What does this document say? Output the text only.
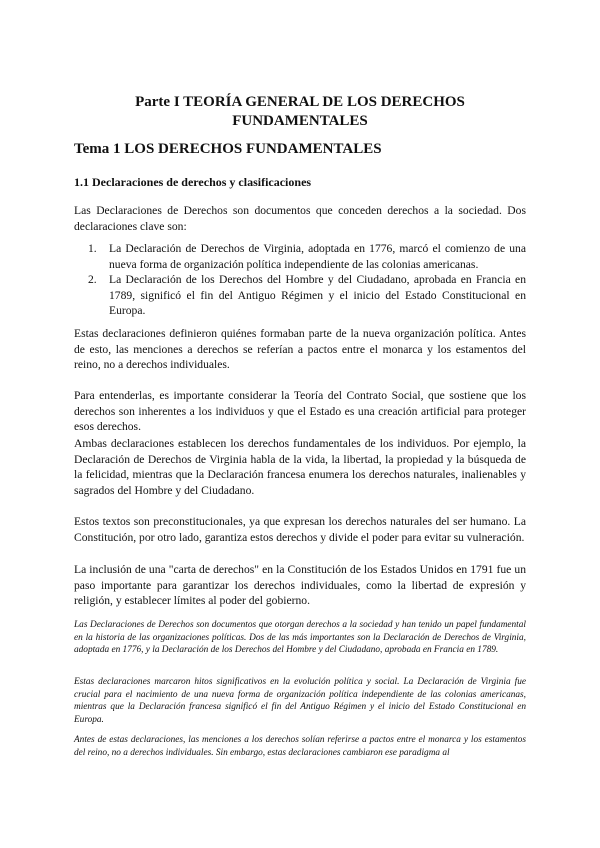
Parte I TEORÍA GENERAL DE LOS DERECHOS FUNDAMENTALES
Tema 1 LOS DERECHOS FUNDAMENTALES
1.1 Declaraciones de derechos y clasificaciones

Las Declaraciones de Derechos son documentos que conceden derechos a la sociedad. Dos declaraciones clave son:

1. La Declaración de Derechos de Virginia, adoptada en 1776, marcó el comienzo de una nueva forma de organización política independiente de las colonias americanas.
2. La Declaración de los Derechos del Hombre y del Ciudadano, aprobada en Francia en 1789, significó el fin del Antiguo Régimen y el inicio del Estado Constitucional en Europa.

Estas declaraciones definieron quiénes formaban parte de la nueva organización política. Antes de esto, las menciones a derechos se referían a pactos entre el monarca y los estamentos del reino, no a derechos individuales.

Para entenderlas, es importante considerar la Teoría del Contrato Social, que sostiene que los derechos son inherentes a los individuos y que el Estado es una creación artificial para proteger esos derechos.

Ambas declaraciones establecen los derechos fundamentales de los individuos. Por ejemplo, la Declaración de Derechos de Virginia habla de la vida, la libertad, la propiedad y la búsqueda de la felicidad, mientras que la Declaración francesa enumera los derechos naturales, inalienables y sagrados del Hombre y del Ciudadano.

Estos textos son preconstitucionales, ya que expresan los derechos naturales del ser humano. La Constitución, por otro lado, garantiza estos derechos y divide el poder para evitar su vulneración.

La inclusión de una "carta de derechos" en la Constitución de los Estados Unidos en 1791 fue un paso importante para garantizar los derechos individuales, como la libertad de expresión y religión, y establecer límites al poder del gobierno.

Las Declaraciones de Derechos son documentos que otorgan derechos a la sociedad y han tenido un papel fundamental en la historia de las organizaciones políticas. Dos de las más importantes son la Declaración de Derechos de Virginia, adoptada en 1776, y la Declaración de los Derechos del Hombre y del Ciudadano, aprobada en Francia en 1789.

Estas declaraciones marcaron hitos significativos en la evolución política y social. La Declaración de Virginia fue crucial para el nacimiento de una nueva forma de organización política independiente de las colonias americanas, mientras que la Declaración francesa significó el fin del Antiguo Régimen y el inicio del Estado Constitucional en Europa.

Antes de estas declaraciones, las menciones a los derechos solían referirse a pactos entre el monarca y los estamentos del reino, no a derechos individuales. Sin embargo, estas declaraciones cambiaron ese paradigma al
